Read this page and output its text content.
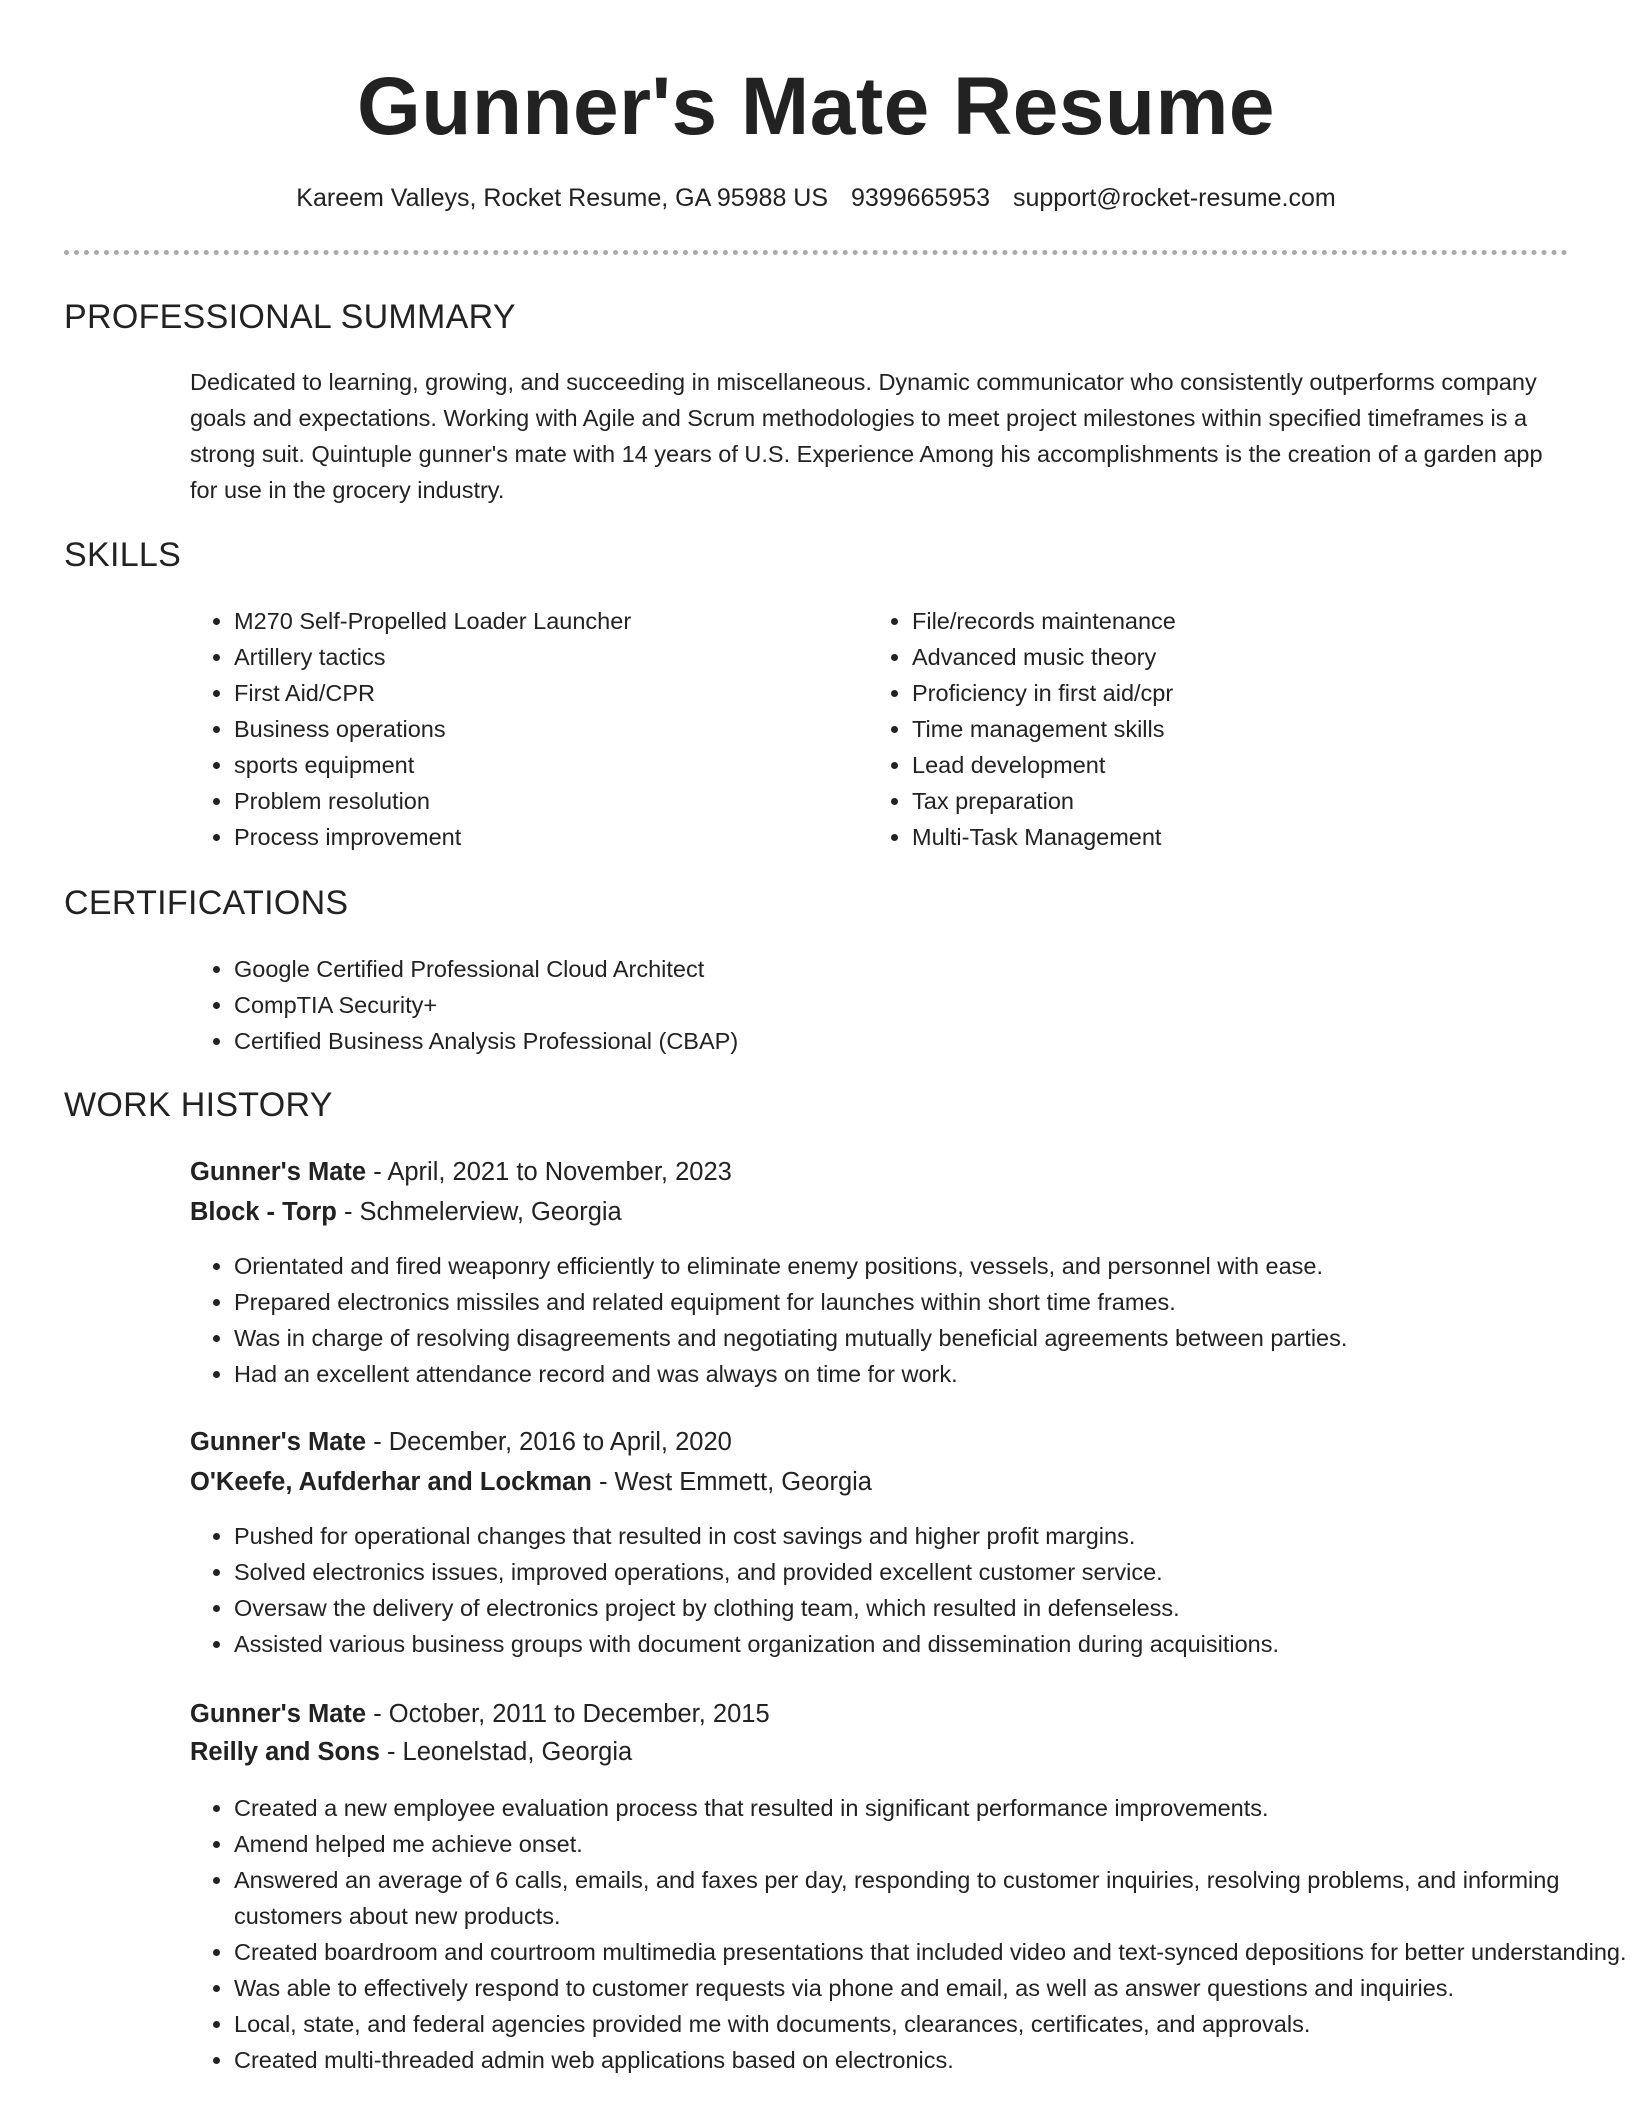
Gunner's Mate Resume
Kareem Valleys, Rocket Resume, GA 95988 US 9399665953 support@rocket-resume.com
PROFESSIONAL SUMMARY

Dedicated to learning, growing, and succeeding in miscellaneous. Dynamic communicator who consistently outperforms company goals and expectations. Working with Agile and Scrum methodologies to meet project milestones within specified timeframes is a strong suit. Quintuple gunner's mate with 14 years of U.S. Experience Among his accomplishments is the creation of a garden app for use in the grocery industry.

SKILLS
• M270 Self-Propelled Loader Launcher
• Artillery tactics
• First Aid/CPR
• Business operations
• sports equipment
• Problem resolution
• Process improvement
• File/records maintenance
• Advanced music theory
• Proficiency in first aid/cpr
• Time management skills
• Lead development
• Tax preparation
• Multi-Task Management
CERTIFICATIONS
• Google Certified Professional Cloud Architect
• CompTIA Security+
• Certified Business Analysis Professional (CBAP)
WORK HISTORY
Gunner's Mate - April, 2021 to November, 2023
Block - Torp - Schmelerview, Georgia
• Orientated and fired weaponry efficiently to eliminate enemy positions, vessels, and personnel with ease.
• Prepared electronics missiles and related equipment for launches within short time frames.
• Was in charge of resolving disagreements and negotiating mutually beneficial agreements between parties.
• Had an excellent attendance record and was always on time for work.
Gunner's Mate - December, 2016 to April, 2020
O'Keefe, Aufderhar and Lockman - West Emmett, Georgia
• Pushed for operational changes that resulted in cost savings and higher profit margins.
• Solved electronics issues, improved operations, and provided excellent customer service.
• Oversaw the delivery of electronics project by clothing team, which resulted in defenseless.
• Assisted various business groups with document organization and dissemination during acquisitions.
Gunner's Mate - October, 2011 to December, 2015
Reilly and Sons - Leonelstad, Georgia
• Created a new employee evaluation process that resulted in significant performance improvements.
• Amend helped me achieve onset.
• Answered an average of 6 calls, emails, and faxes per day, responding to customer inquiries, resolving problems, and informing customers about new products.
• Created boardroom and courtroom multimedia presentations that included video and text-synced depositions for better understanding.
• Was able to effectively respond to customer requests via phone and email, as well as answer questions and inquiries.
• Local, state, and federal agencies provided me with documents, clearances, certificates, and approvals.
• Created multi-threaded admin web applications based on electronics.
